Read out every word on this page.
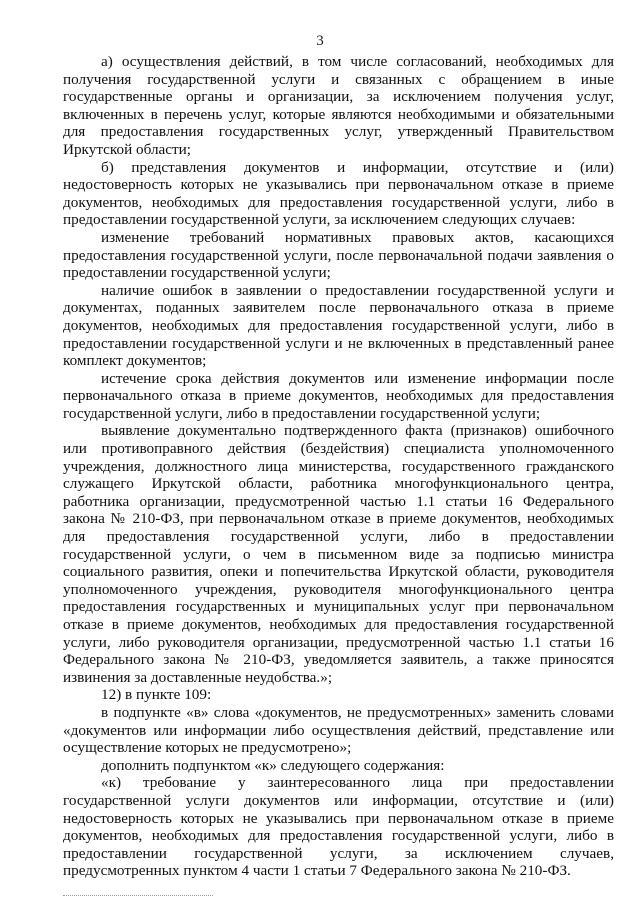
3

а) осуществления действий, в том числе согласований, необходимых для получения государственной услуги и связанных с обращением в иные государственные органы и организации, за исключением получения услуг, включенных в перечень услуг, которые являются необходимыми и обязательными для предоставления государственных услуг, утвержденный Правительством Иркутской области;

б) представления документов и информации, отсутствие и (или) недостоверность которых не указывались при первоначальном отказе в приеме документов, необходимых для предоставления государственной услуги, либо в предоставлении государственной услуги, за исключением следующих случаев:

изменение требований нормативных правовых актов, касающихся предоставления государственной услуги, после первоначальной подачи заявления о предоставлении государственной услуги;

наличие ошибок в заявлении о предоставлении государственной услуги и документах, поданных заявителем после первоначального отказа в приеме документов, необходимых для предоставления государственной услуги, либо в предоставлении государственной услуги и не включенных в представленный ранее комплект документов;

истечение срока действия документов или изменение информации после первоначального отказа в приеме документов, необходимых для предоставления государственной услуги, либо в предоставлении государственной услуги;

выявление документально подтвержденного факта (признаков) ошибочного или противоправного действия (бездействия) специалиста уполномоченного учреждения, должностного лица министерства, государственного гражданского служащего Иркутской области, работника многофункционального центра, работника организации, предусмотренной частью 1.1 статьи 16 Федерального закона № 210-ФЗ, при первоначальном отказе в приеме документов, необходимых для предоставления государственной услуги, либо в предоставлении государственной услуги, о чем в письменном виде за подписью министра социального развития, опеки и попечительства Иркутской области, руководителя уполномоченного учреждения, руководителя многофункционального центра предоставления государственных и муниципальных услуг при первоначальном отказе в приеме документов, необходимых для предоставления государственной услуги, либо руководителя организации, предусмотренной частью 1.1 статьи 16 Федерального закона № 210-ФЗ, уведомляется заявитель, а также приносятся извинения за доставленные неудобства.»;

12) в пункте 109:

в подпункте «в» слова «документов, не предусмотренных» заменить словами «документов или информации либо осуществления действий, представление или осуществление которых не предусмотрено»;

дополнить подпунктом «к» следующего содержания:

«к) требование у заинтересованного лица при предоставлении государственной услуги документов или информации, отсутствие и (или) недостоверность которых не указывались при первоначальном отказе в приеме документов, необходимых для предоставления государственной услуги, либо в предоставлении государственной услуги, за исключением случаев, предусмотренных пунктом 4 части 1 статьи 7 Федерального закона № 210-ФЗ.
